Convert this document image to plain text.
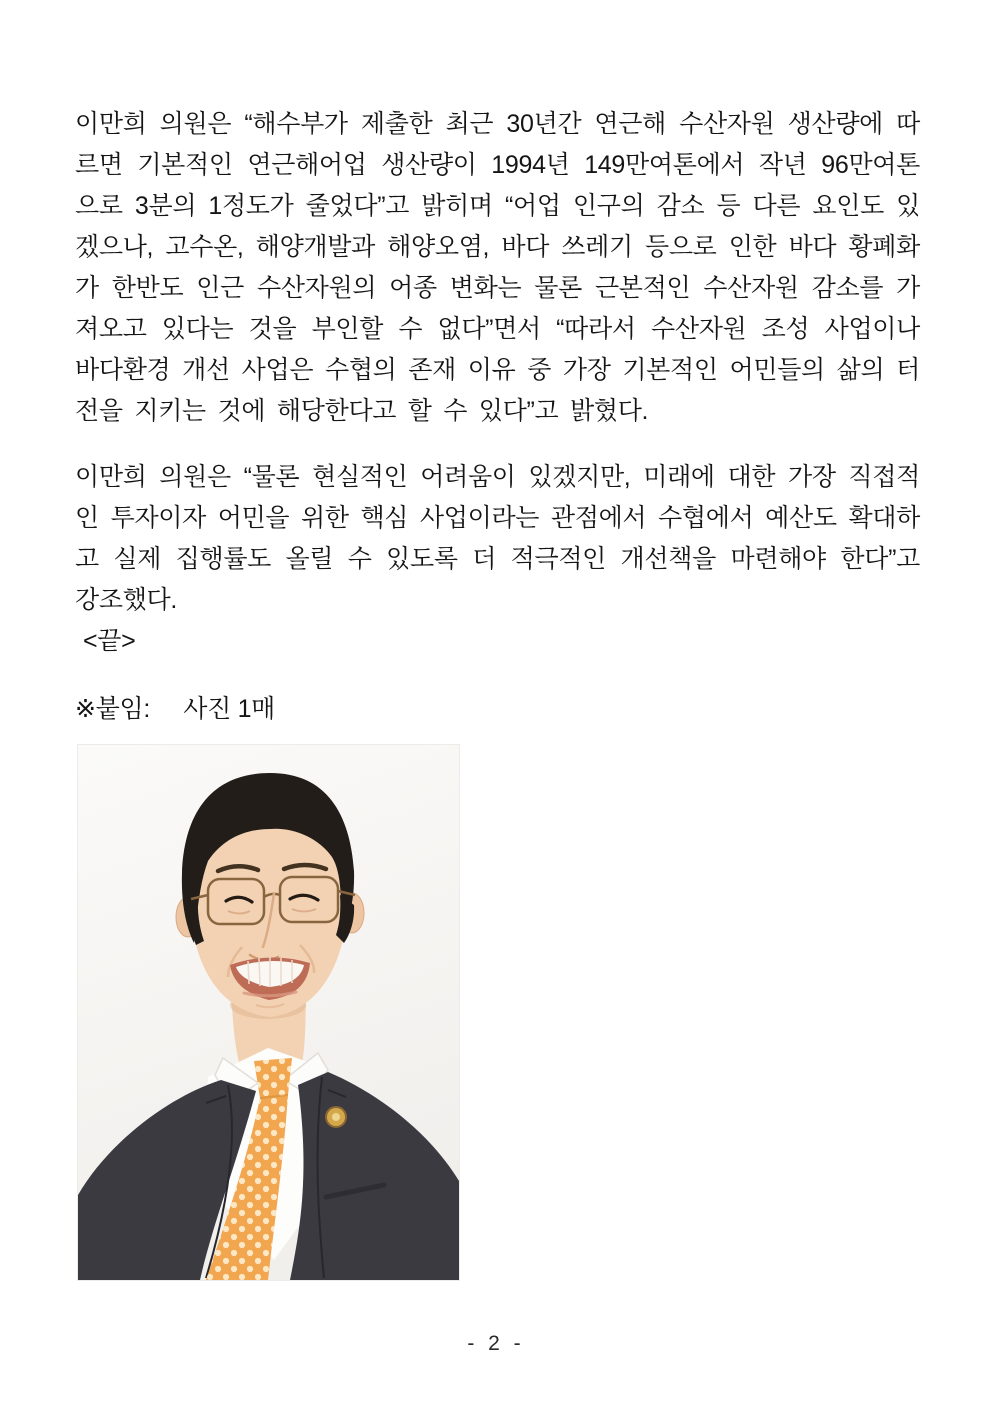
이만희 의원은 “해수부가 제출한 최근 30년간 연근해 수산자원 생산량에 따르면 기본적인 연근해어업 생산량이 1994년 149만여톤에서 작년 96만여톤으로 3분의 1정도가 줄었다”고 밝히며 “어업 인구의 감소 등 다른 요인도 있겠으나, 고수온, 해양개발과 해양오염, 바다 쓰레기 등으로 인한 바다 황폐화가 한반도 인근 수산자원의 어종 변화는 물론 근본적인 수산자원 감소를 가져오고 있다는 것을 부인할 수 없다”면서 “따라서 수산자원 조성 사업이나 바다환경 개선 사업은 수협의 존재 이유 중 가장 기본적인 어민들의 삶의 터전을 지키는 것에 해당한다고 할 수 있다”고 밝혔다.

이만희 의원은 “물론 현실적인 어려움이 있겠지만, 미래에 대한 가장 직접적인 투자이자 어민을 위한 핵심 사업이라는 관점에서 수협에서 예산도 확대하고 실제 집행률도 올릴 수 있도록 더 적극적인 개선책을 마련해야 한다”고 강조했다.

<끝>

※붙임:     사진 1매

- 2 -
